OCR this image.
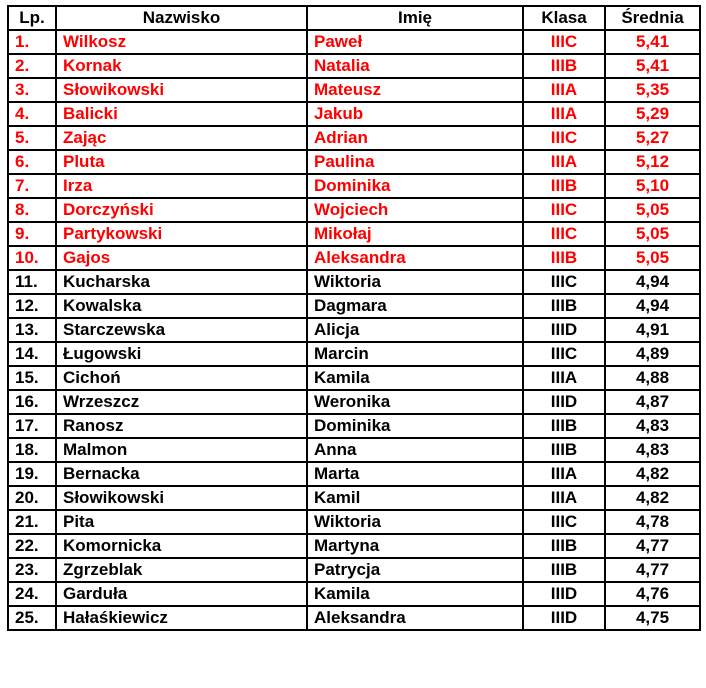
Lp.	Nazwisko	Imię	Klasa	Średnia
1.	Wilkosz	Paweł	IIIC	5,41
2.	Kornak	Natalia	IIIB	5,41
3.	Słowikowski	Mateusz	IIIA	5,35
4.	Balicki	Jakub	IIIA	5,29
5.	Zając	Adrian	IIIC	5,27
6.	Pluta	Paulina	IIIA	5,12
7.	Irza	Dominika	IIIB	5,10
8.	Dorczyński	Wojciech	IIIC	5,05
9.	Partykowski	Mikołaj	IIIC	5,05
10.	Gajos	Aleksandra	IIIB	5,05
11.	Kucharska	Wiktoria	IIIC	4,94
12.	Kowalska	Dagmara	IIIB	4,94
13.	Starczewska	Alicja	IIID	4,91
14.	Ługowski	Marcin	IIIC	4,89
15.	Cichoń	Kamila	IIIA	4,88
16.	Wrzeszcz	Weronika	IIID	4,87
17.	Ranosz	Dominika	IIIB	4,83
18.	Malmon	Anna	IIIB	4,83
19.	Bernacka	Marta	IIIA	4,82
20.	Słowikowski	Kamil	IIIA	4,82
21.	Pita	Wiktoria	IIIC	4,78
22.	Komornicka	Martyna	IIIB	4,77
23.	Zgrzeblak	Patrycja	IIIB	4,77
24.	Garduła	Kamila	IIID	4,76
25.	Hałaśkiewicz	Aleksandra	IIID	4,75
